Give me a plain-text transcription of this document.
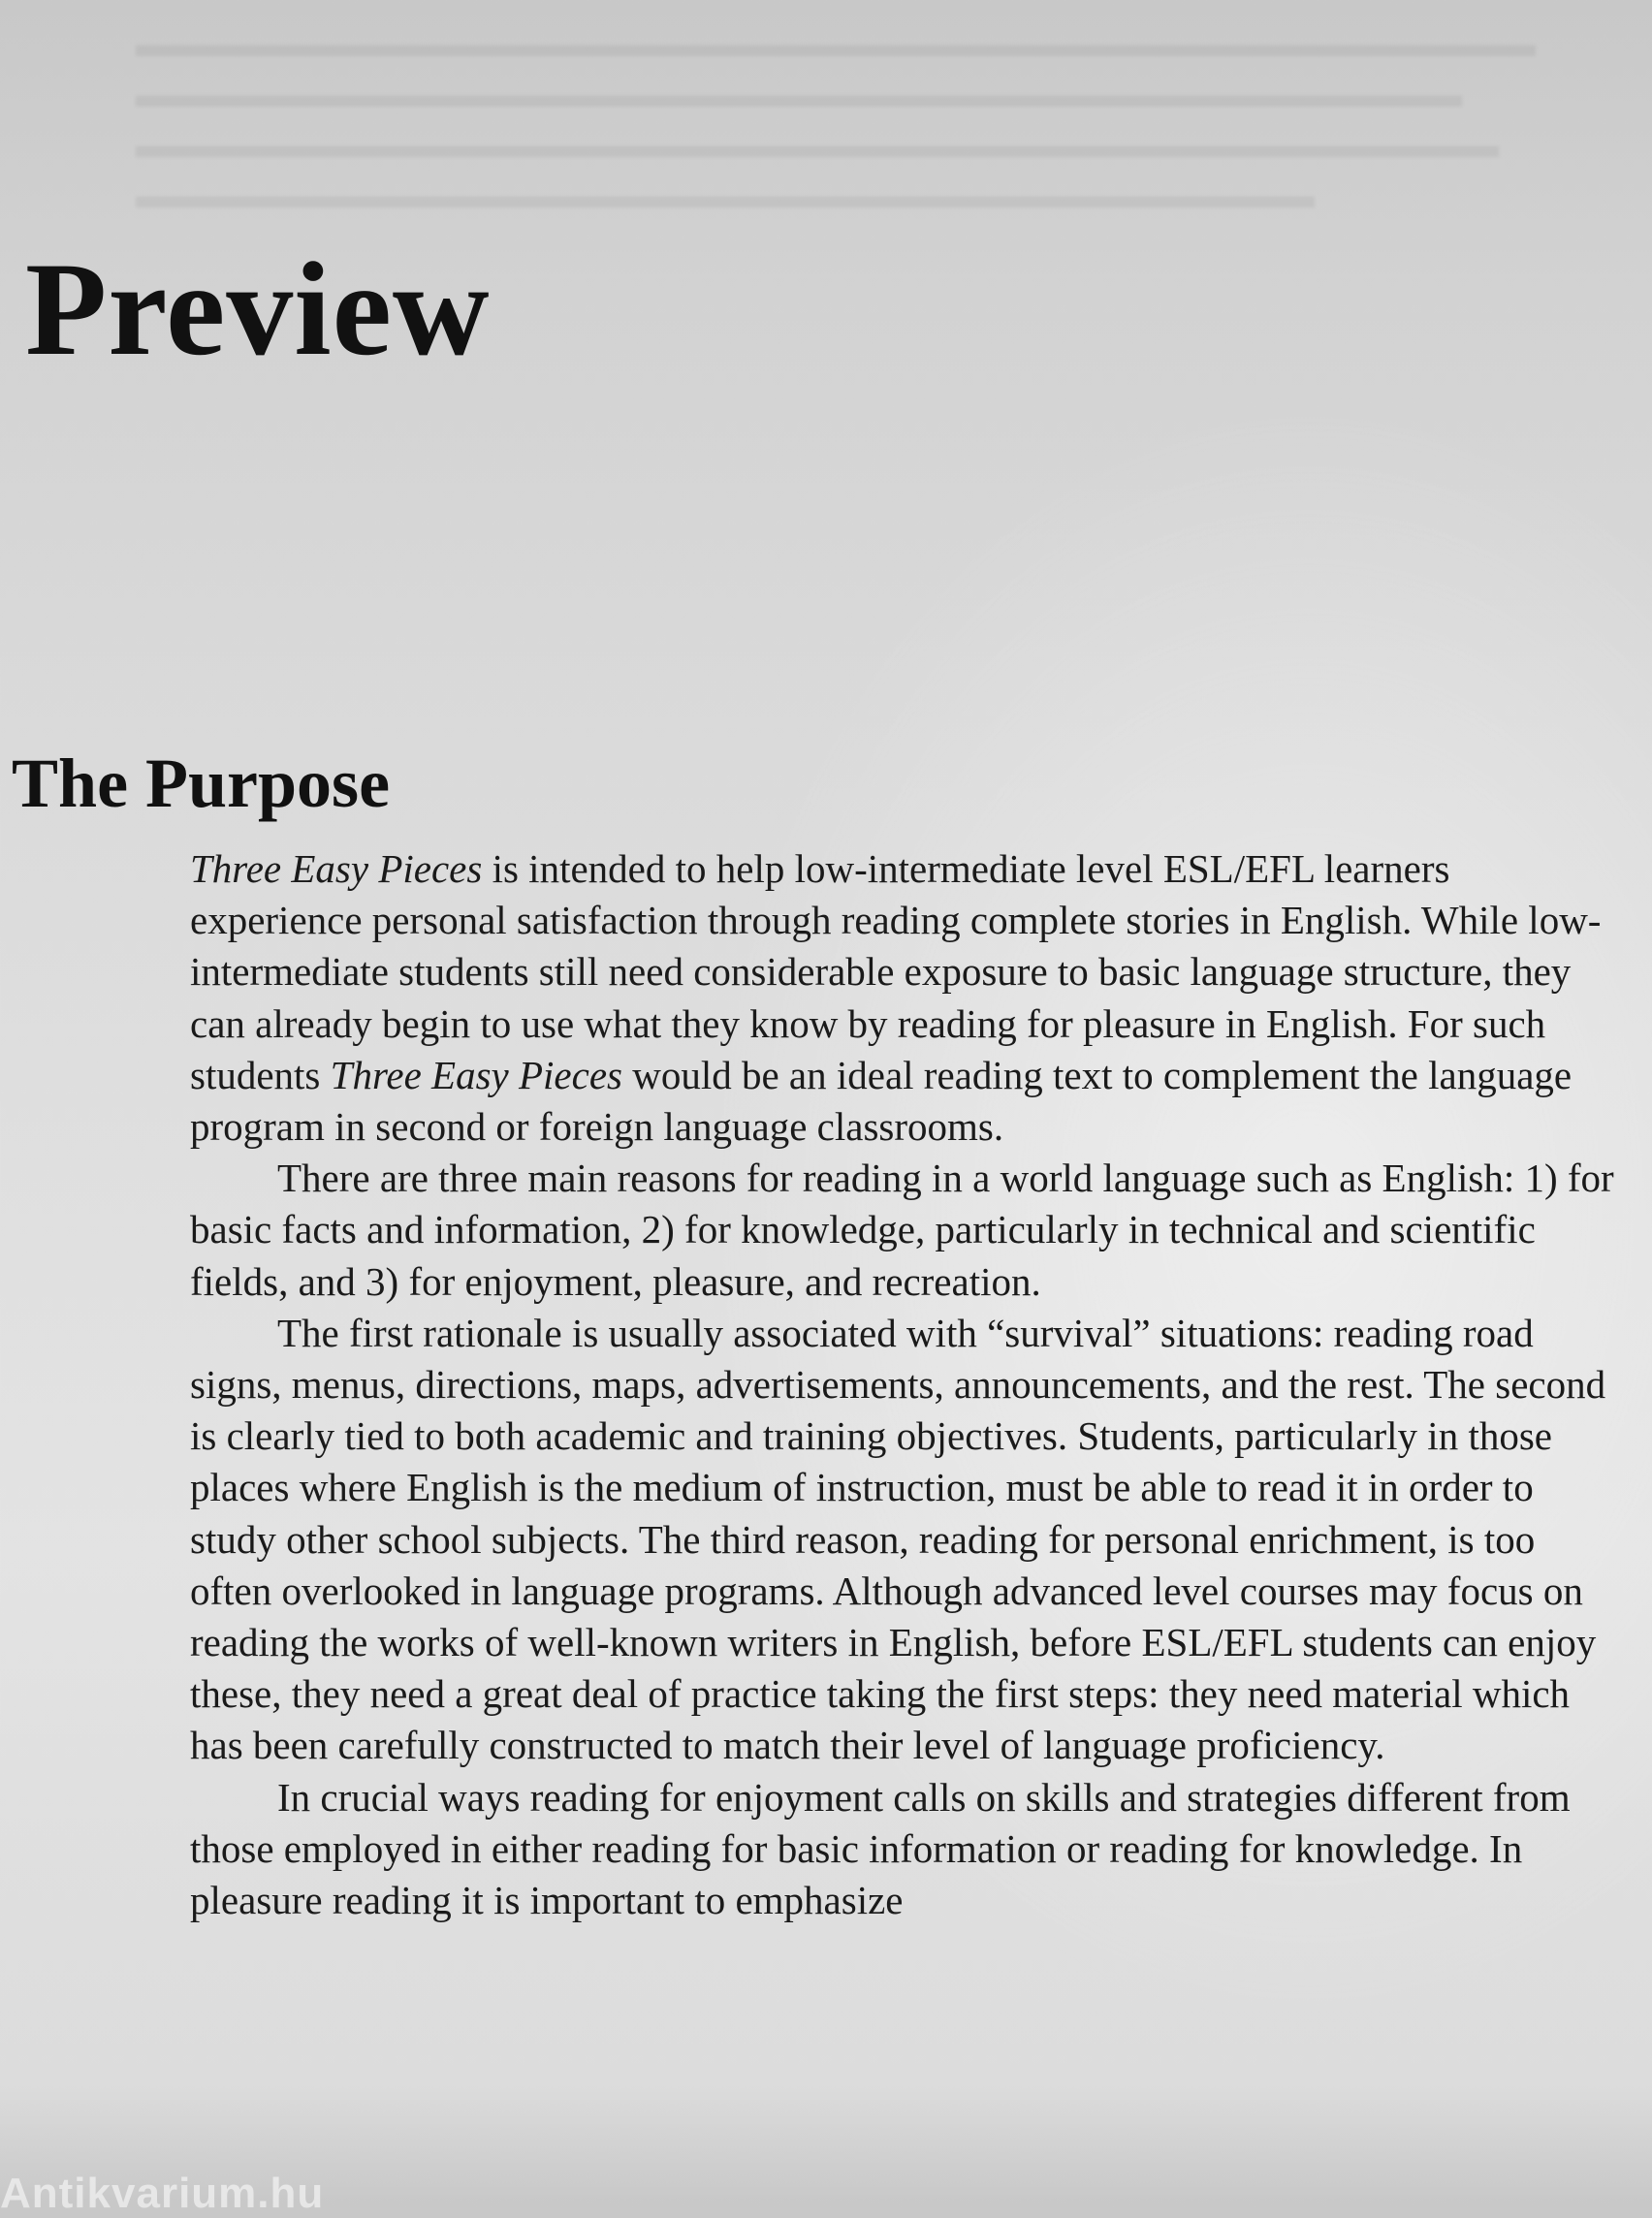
▬▬▬▬▬▬▬▬▬▬▬▬▬▬▬▬▬▬▬▬▬▬▬▬▬▬▬▬▬▬▬▬▬▬▬▬▬▬
▬▬▬▬▬▬▬▬▬▬▬▬▬▬▬▬▬▬▬▬▬▬▬▬▬▬▬▬▬▬▬▬▬▬▬▬
▬▬▬▬▬▬▬▬▬▬▬▬▬▬▬▬▬▬▬▬▬▬▬▬▬▬▬▬▬▬▬▬▬▬▬▬▬
▬▬▬▬▬▬▬▬▬▬▬▬▬▬▬▬▬▬▬▬▬▬▬▬▬▬▬▬▬▬▬▬
Preview
The Purpose

Three Easy Pieces is intended to help low-intermediate level ESL/EFL learners experience personal satisfaction through reading complete stories in English. While low-intermediate students still need considerable exposure to basic language structure, they can already begin to use what they know by reading for pleasure in English. For such students Three Easy Pieces would be an ideal reading text to complement the language program in second or foreign language classrooms.

There are three main reasons for reading in a world language such as English: 1) for basic facts and information, 2) for knowledge, particularly in technical and scientific fields, and 3) for enjoyment, pleasure, and recreation.

The first rationale is usually associated with “survival” situations: reading road signs, menus, directions, maps, advertisements, announcements, and the rest. The second is clearly tied to both academic and training objectives. Students, particularly in those places where English is the medium of instruction, must be able to read it in order to study other school subjects. The third reason, reading for personal enrichment, is too often overlooked in language programs. Although advanced level courses may focus on reading the works of well-known writers in English, before ESL/EFL students can enjoy these, they need a great deal of practice taking the first steps: they need material which has been carefully constructed to match their level of language proficiency.

In crucial ways reading for enjoyment calls on skills and strategies different from those employed in either reading for basic information or reading for knowledge. In pleasure reading it is important to emphasize

Antikvarium.hu
